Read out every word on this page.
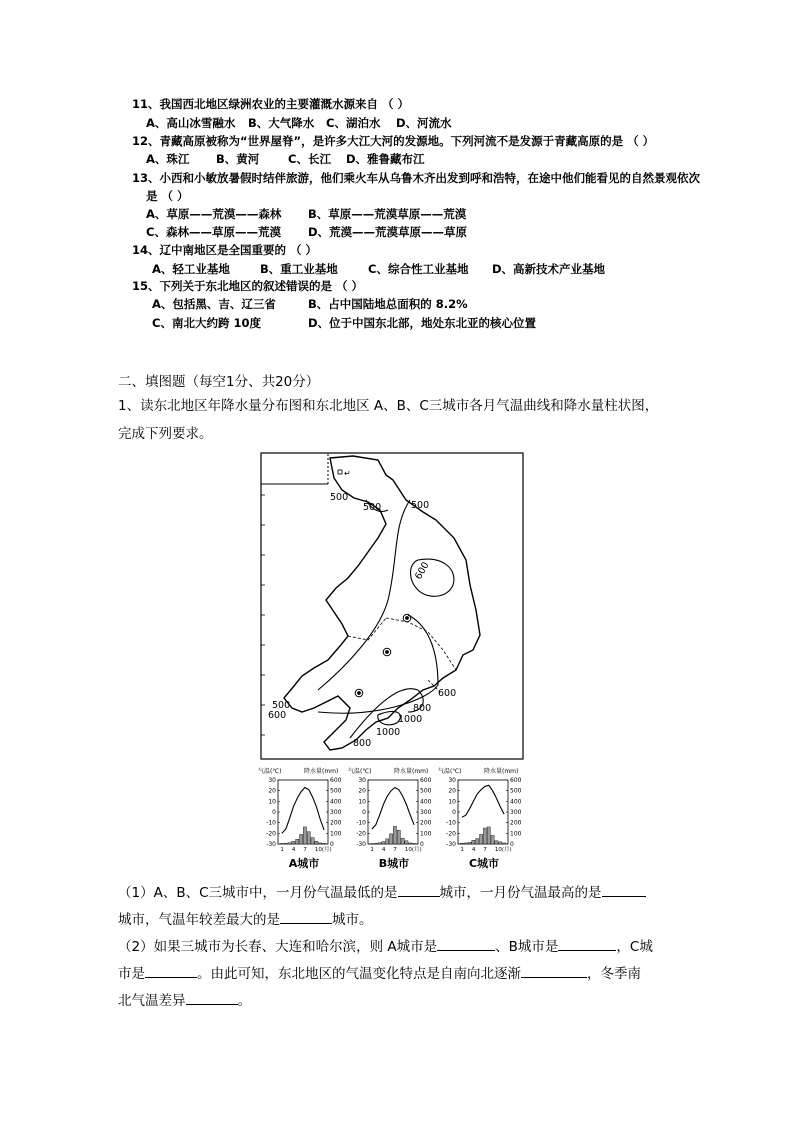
11、我国西北地区绿洲农业的主要灌溉水源来自 （ ）
A、高山冰雪融水 B、大气降水 C、湖泊水 D、河流水
12、青藏高原被称为“世界屋脊”，是许多大江大河的发源地。下列河流不是发源于青藏高原的是 （ ）
A、珠江 B、黄河 C、长江 D、雅鲁藏布江
13、小西和小敏放暑假时结伴旅游，他们乘火车从乌鲁木齐出发到呼和浩特，在途中他们能看见的自然景观依次
是 （ ）
A、草原——荒漠——森林 B、草原——荒漠草原——荒漠
C、森林——草原——荒漠 D、荒漠——荒漠草原——草原
14、辽中南地区是全国重要的 （ ）
A、轻工业基地	B、重工业基地	C、综合性工业基地 D、高新技术产业基地
15、下列关于东北地区的叙述错误的是 （ ）
A、包括黑、吉、辽三省	B、占中国陆地总面积的 8.2%
C、南北大约跨 10度	D、位于中国东北部，地处东北亚的核心位置
二、填图题（每空1分、共20分）
1、读东北地区年降水量分布图和东北地区 A、B、C三城市各月气温曲线和降水量柱状图，
完成下列要求。
500
500	500
500
600
600
800
1000
1000
800
600
↵
气温(℃)	降水量(mm)
30
20
10
0
-10
-20
-30
600
500
400
300
200
100
0
1 4 7 10(月)
A城市
气温(℃)	降水量(mm)
30
20
10
0
-10
-20
-30
600
500
400
300
200
100
0
1 4 7 10(月)
B城市
气温(℃)	降水量(mm)
30
20
10
0
-10
-20
-30
600
500
400
300
200
100
0
1 4 7 10(月)
C城市
（1）A、B、C三城市中，一月份气温最低的是	城市，一月份气温最高的是
城市，气温年较差最大的是	城市。
（2）如果三城市为长春、大连和哈尔滨，则 A城市是	、B城市是	，C城
市是	。由此可知，东北地区的气温变化特点是自南向北逐渐	，冬季南
北气温差异	。
